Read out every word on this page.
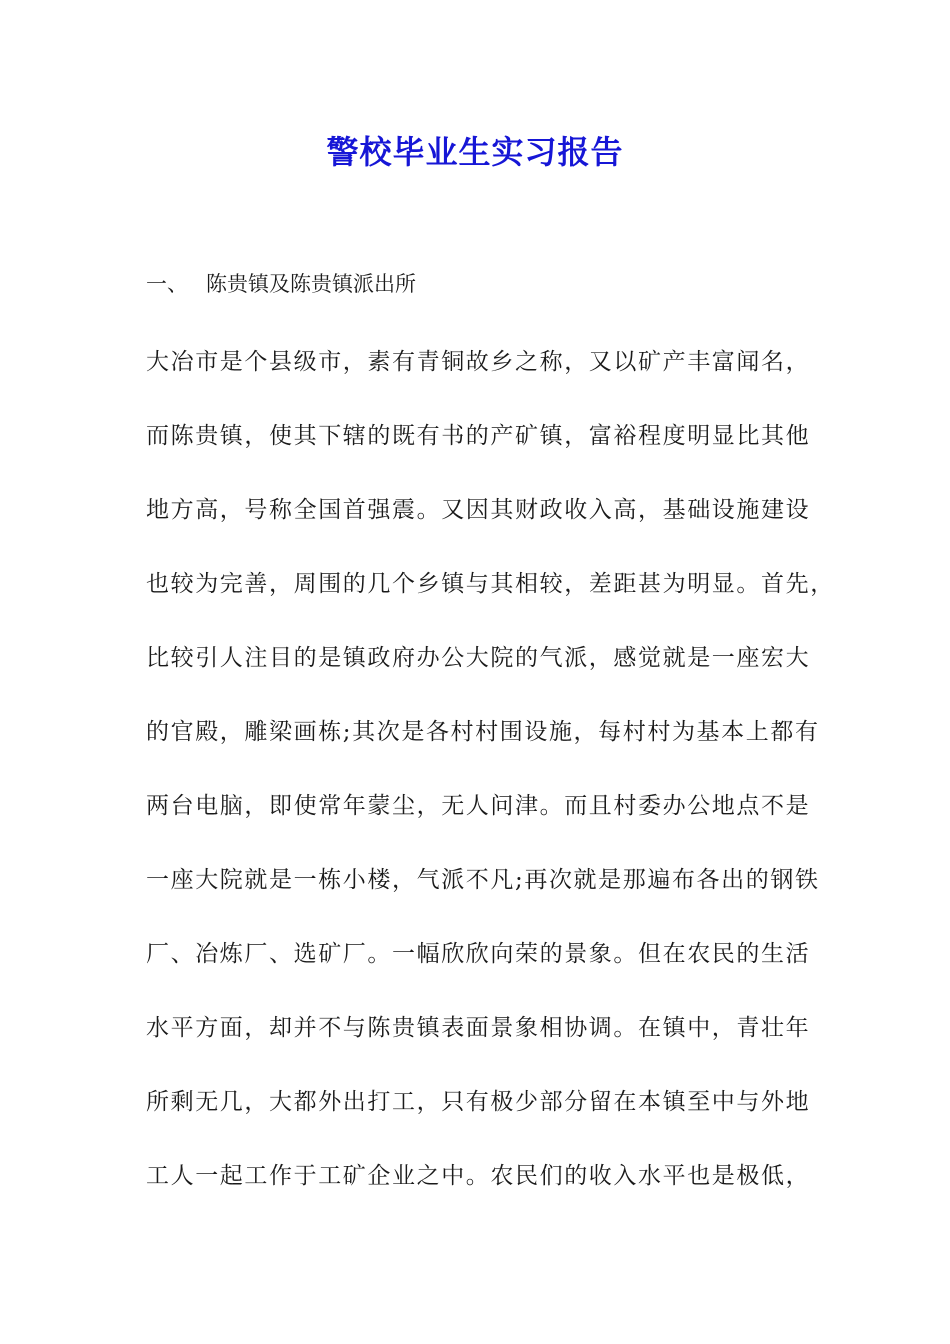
警校毕业生实习报告

一、 陈贵镇及陈贵镇派出所

大冶市是个县级市，素有青铜故乡之称，又以矿产丰富闻名，
而陈贵镇，使其下辖的既有书的产矿镇，富裕程度明显比其他
地方高，号称全国首强震。又因其财政收入高，基础设施建设
也较为完善，周围的几个乡镇与其相较，差距甚为明显。首先，
比较引人注目的是镇政府办公大院的气派，感觉就是一座宏大
的官殿，雕梁画栋;其次是各村村围设施，每村村为基本上都有
两台电脑，即使常年蒙尘，无人问津。而且村委办公地点不是
一座大院就是一栋小楼，气派不凡;再次就是那遍布各出的钢铁
厂、冶炼厂、选矿厂。一幅欣欣向荣的景象。但在农民的生活
水平方面，却并不与陈贵镇表面景象相协调。在镇中，青壮年
所剩无几，大都外出打工，只有极少部分留在本镇至中与外地
工人一起工作于工矿企业之中。农民们的收入水平也是极低，
